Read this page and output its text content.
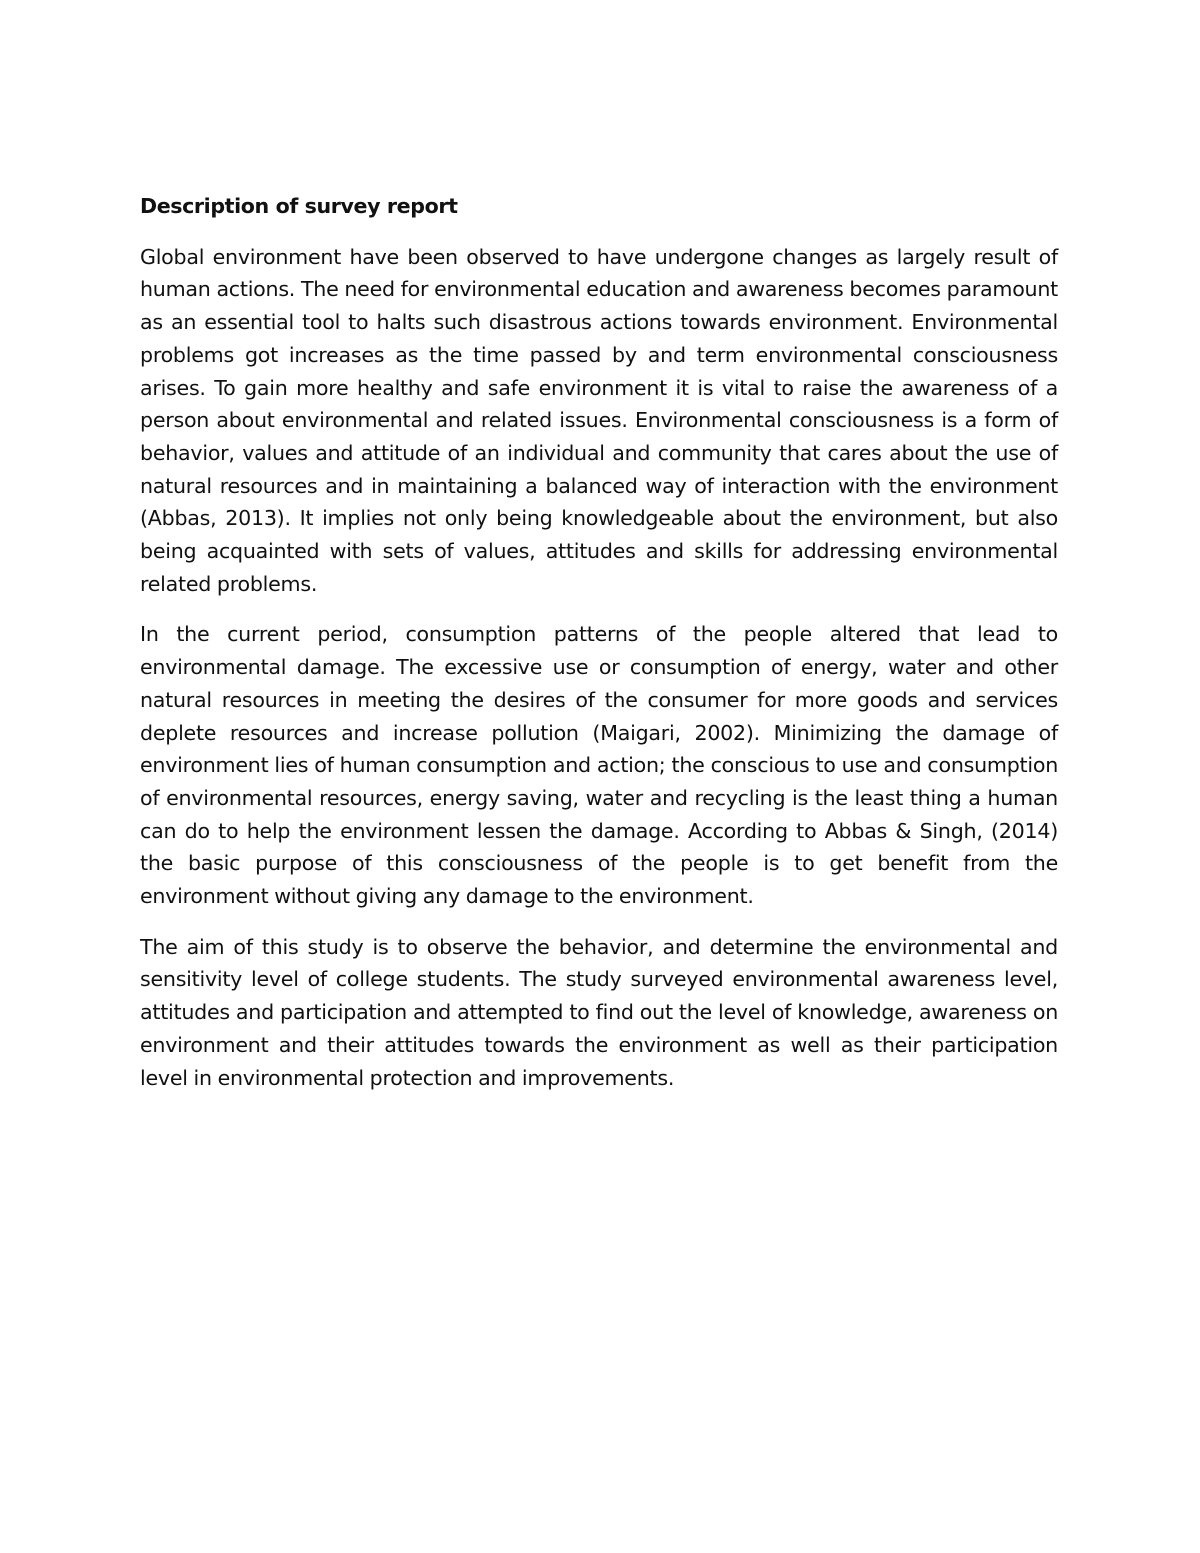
Description of survey report

Global environment have been observed to have undergone changes as largely result of human actions. The need for environmental education and awareness becomes paramount as an essential tool to halts such disastrous actions towards environment. Environmental problems got increases as the time passed by and term environmental consciousness arises. To gain more healthy and safe environment it is vital to raise the awareness of a person about environmental and related issues. Environmental consciousness is a form of behavior, values and attitude of an individual and community that cares about the use of natural resources and in maintaining a balanced way of interaction with the environment (Abbas, 2013). It implies not only being knowledgeable about the environment, but also being acquainted with sets of values, attitudes and skills for addressing environmental related problems.

In the current period, consumption patterns of the people altered that lead to environmental damage. The excessive use or consumption of energy, water and other natural resources in meeting the desires of the consumer for more goods and services deplete resources and increase pollution (Maigari, 2002). Minimizing the damage of environment lies of human consumption and action; the conscious to use and consumption of environmental resources, energy saving, water and recycling is the least thing a human can do to help the environment lessen the damage. According to Abbas & Singh, (2014) the basic purpose of this consciousness of the people is to get benefit from the environment without giving any damage to the environment.

The aim of this study is to observe the behavior, and determine the environmental and sensitivity level of college students. The study surveyed environmental awareness level, attitudes and participation and attempted to find out the level of knowledge, awareness on environment and their attitudes towards the environment as well as their participation level in environmental protection and improvements.
